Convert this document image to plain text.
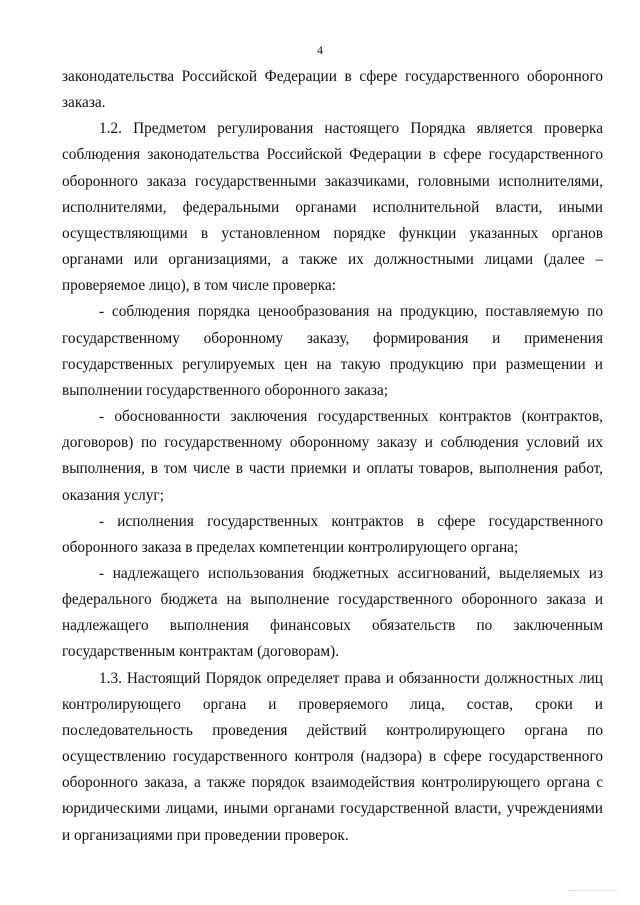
4

законодательства Российской Федерации в сфере государственного оборонного заказа.

1.2. Предметом регулирования настоящего Порядка является проверка соблюдения законодательства Российской Федерации в сфере государственного оборонного заказа государственными заказчиками, головными исполнителями, исполнителями, федеральными органами исполнительной власти, иными осуществляющими в установленном порядке функции указанных органов органами или организациями, а также их должностными лицами (далее – проверяемое лицо), в том числе проверка:

- соблюдения порядка ценообразования на продукцию, поставляемую по государственному оборонному заказу, формирования и применения государственных регулируемых цен на такую продукцию при размещении и выполнении государственного оборонного заказа;

- обоснованности заключения государственных контрактов (контрактов, договоров) по государственному оборонному заказу и соблюдения условий их выполнения, в том числе в части приемки и оплаты товаров, выполнения работ, оказания услуг;

- исполнения государственных контрактов в сфере государственного оборонного заказа в пределах компетенции контролирующего органа;

- надлежащего использования бюджетных ассигнований, выделяемых из федерального бюджета на выполнение государственного оборонного заказа и надлежащего выполнения финансовых обязательств по заключенным государственным контрактам (договорам).

1.3. Настоящий Порядок определяет права и обязанности должностных лиц контролирующего органа и проверяемого лица, состав, сроки и последовательность проведения действий контролирующего органа по осуществлению государственного контроля (надзора) в сфере государственного оборонного заказа, а также порядок взаимодействия контролирующего органа с юридическими лицами, иными органами государственной власти, учреждениями и организациями при проведении проверок.
